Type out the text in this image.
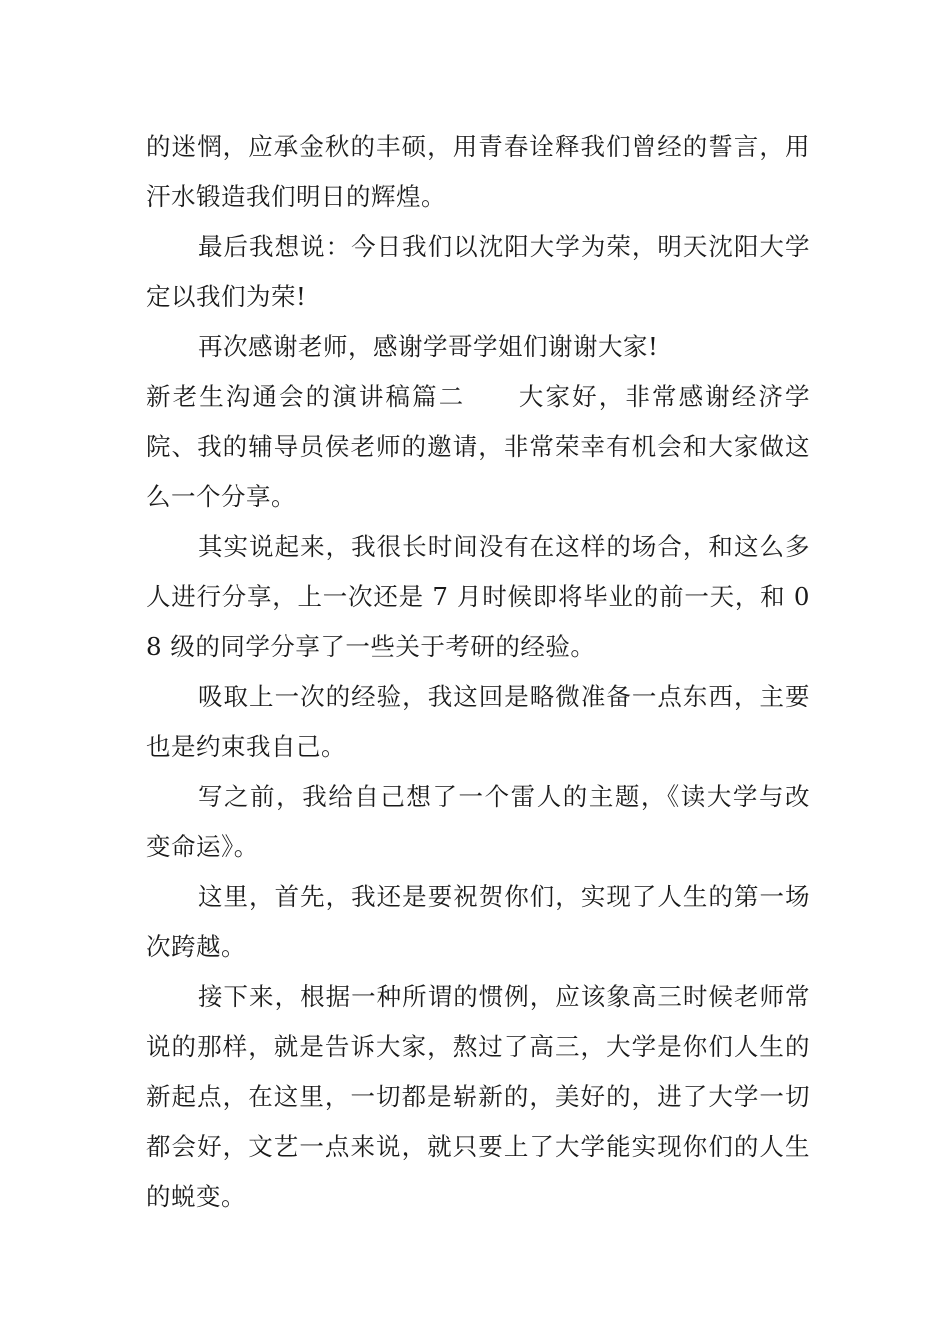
的迷惘，应承金秋的丰硕，用青春诠释我们曾经的誓言，用汗水锻造我们明日的辉煌。

最后我想说：今日我们以沈阳大学为荣，明天沈阳大学定以我们为荣!

再次感谢老师，感谢学哥学姐们谢谢大家!

新老生沟通会的演讲稿篇二 大家好，非常感谢经济学院、我的辅导员侯老师的邀请，非常荣幸有机会和大家做这么一个分享。

其实说起来，我很长时间没有在这样的场合，和这么多人进行分享，上一次还是 7 月时候即将毕业的前一天，和 08 级的同学分享了一些关于考研的经验。

吸取上一次的经验，我这回是略微准备一点东西，主要也是约束我自己。

写之前，我给自己想了一个雷人的主题，《读大学与改变命运》。

这里，首先，我还是要祝贺你们，实现了人生的第一场次跨越。

接下来，根据一种所谓的惯例，应该象高三时候老师常说的那样，就是告诉大家，熬过了高三，大学是你们人生的新起点，在这里，一切都是崭新的，美好的，进了大学一切都会好，文艺一点来说，就只要上了大学能实现你们的人生的蜕变。
